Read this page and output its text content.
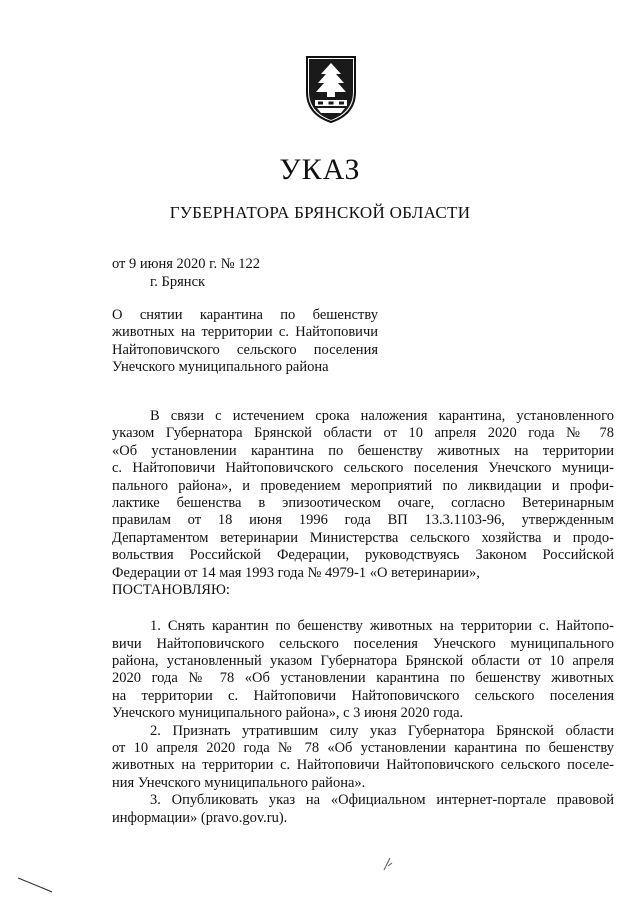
УКАЗ
ГУБЕРНАТОРА БРЯНСКОЙ ОБЛАСТИ
от 9 июня 2020 г. № 122
г. Брянск
О снятии карантина по бешенству
животных на территории с. Найтоповичи
Найтоповичского сельского поселения
Унечского муниципального района
В связи с истечением срока наложения карантина, установленного
указом Губернатора Брянской области от 10 апреля 2020 года № 78
«Об установлении карантина по бешенству животных на территории
с. Найтоповичи Найтоповичского сельского поселения Унечского муници-
пального района», и проведением мероприятий по ликвидации и профи-
лактике бешенства в эпизоотическом очаге, согласно Ветеринарным
правилам от 18 июня 1996 года ВП 13.3.1103-96, утвержденным
Департаментом ветеринарии Министерства сельского хозяйства и продо-
вольствия Российской Федерации, руководствуясь Законом Российской
Федерации от 14 мая 1993 года № 4979-1 «О ветеринарии»,
ПОСТАНОВЛЯЮ:
1. Снять карантин по бешенству животных на территории с. Найтопо-
вичи Найтоповичского сельского поселения Унечского муниципального
района, установленный указом Губернатора Брянской области от 10 апреля
2020 года № 78 «Об установлении карантина по бешенству животных
на территории с. Найтоповичи Найтоповичского сельского поселения
Унечского муниципального района», с 3 июня 2020 года.
2. Признать утратившим силу указ Губернатора Брянской области
от 10 апреля 2020 года № 78 «Об установлении карантина по бешенству
животных на территории с. Найтоповичи Найтоповичского сельского поселе-
ния Унечского муниципального района».
3. Опубликовать указ на «Официальном интернет-портале правовой
информации» (pravo.gov.ru).
